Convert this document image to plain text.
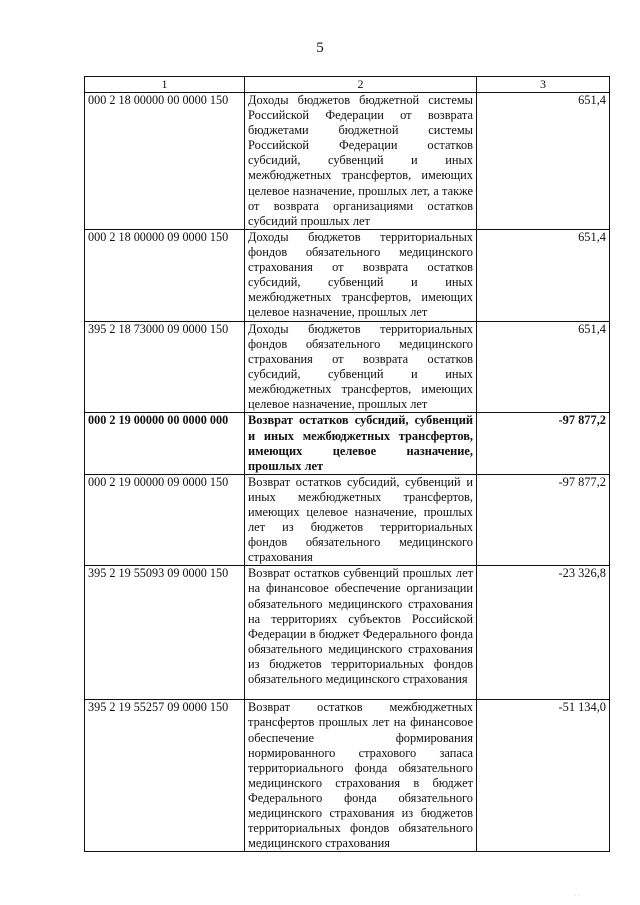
5
1	2	3
000 2 18 00000 00 0000 150	Доходы бюджетов бюджетной системы Российской Федерации от возврата бюджетами бюджетной системы Российской Федерации остатков субсидий, субвенций и иных межбюджетных трансфертов, имеющих целевое назначение, прошлых лет, а также от возврата организациями остатков субсидий прошлых лет	651,4
000 2 18 00000 09 0000 150	Доходы бюджетов территориальных фондов обязательного медицинского страхования от возврата остатков субсидий, субвенций и иных межбюджетных трансфертов, имеющих целевое назначение, прошлых лет	651,4
395 2 18 73000 09 0000 150	Доходы бюджетов территориальных фондов обязательного медицинского страхования от возврата остатков субсидий, субвенций и иных межбюджетных трансфертов, имеющих целевое назначение, прошлых лет	651,4
000 2 19 00000 00 0000 000	Возврат остатков субсидий, субвенций и иных межбюджетных трансфертов, имеющих целевое назначение, прошлых лет	-97 877,2
000 2 19 00000 09 0000 150	Возврат остатков субсидий, субвенций и иных межбюджетных трансфертов, имеющих целевое назначение, прошлых лет из бюджетов территориальных фондов обязательного медицинского страхования	-97 877,2
395 2 19 55093 09 0000 150	Возврат остатков субвенций прошлых лет на финансовое обеспечение организации обязательного медицинского страхования на территориях субъектов Российской Федерации в бюджет Федерального фонда обязательного медицинского страхования из бюджетов территориальных фондов обязательного медицинского страхования	-23 326,8
395 2 19 55257 09 0000 150	Возврат остатков межбюджетных трансфертов прошлых лет на финансовое обеспечение формирования нормированного страхового запаса территориального фонда обязательного медицинского страхования в бюджет Федерального фонда обязательного медицинского страхования из бюджетов территориальных фондов обязательного медицинского страхования	-51 134,0
· ·
